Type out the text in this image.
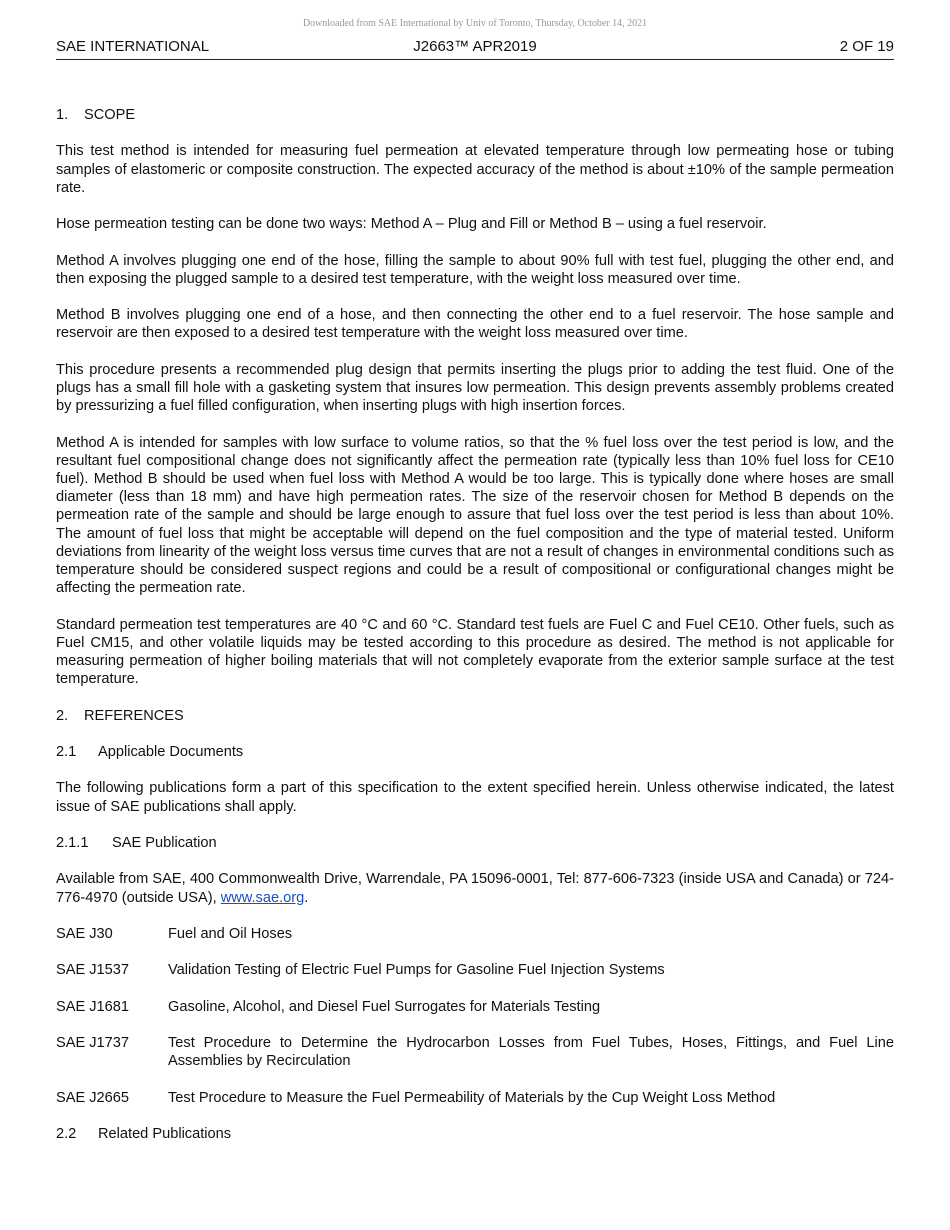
Downloaded from SAE International by Univ of Toronto, Thursday, October 14, 2021
SAE INTERNATIONAL	J2663™ APR2019	2 OF 19

1. SCOPE

This test method is intended for measuring fuel permeation at elevated temperature through low permeating hose or tubing samples of elastomeric or composite construction. The expected accuracy of the method is about ±10% of the sample permeation rate.

Hose permeation testing can be done two ways: Method A – Plug and Fill or Method B – using a fuel reservoir.

Method A involves plugging one end of the hose, filling the sample to about 90% full with test fuel, plugging the other end, and then exposing the plugged sample to a desired test temperature, with the weight loss measured over time.

Method B involves plugging one end of a hose, and then connecting the other end to a fuel reservoir. The hose sample and reservoir are then exposed to a desired test temperature with the weight loss measured over time.

This procedure presents a recommended plug design that permits inserting the plugs prior to adding the test fluid. One of the plugs has a small fill hole with a gasketing system that insures low permeation. This design prevents assembly problems created by pressurizing a fuel filled configuration, when inserting plugs with high insertion forces.

Method A is intended for samples with low surface to volume ratios, so that the % fuel loss over the test period is low, and the resultant fuel compositional change does not significantly affect the permeation rate (typically less than 10% fuel loss for CE10 fuel). Method B should be used when fuel loss with Method A would be too large. This is typically done where hoses are small diameter (less than 18 mm) and have high permeation rates. The size of the reservoir chosen for Method B depends on the permeation rate of the sample and should be large enough to assure that fuel loss over the test period is less than about 10%. The amount of fuel loss that might be acceptable will depend on the fuel composition and the type of material tested. Uniform deviations from linearity of the weight loss versus time curves that are not a result of changes in environmental conditions such as temperature should be considered suspect regions and could be a result of compositional or configurational changes might be affecting the permeation rate.

Standard permeation test temperatures are 40 °C and 60 °C. Standard test fuels are Fuel C and Fuel CE10. Other fuels, such as Fuel CM15, and other volatile liquids may be tested according to this procedure as desired. The method is not applicable for measuring permeation of higher boiling materials that will not completely evaporate from the exterior sample surface at the test temperature.

2. REFERENCES

2.1 Applicable Documents

The following publications form a part of this specification to the extent specified herein. Unless otherwise indicated, the latest issue of SAE publications shall apply.

2.1.1 SAE Publication

Available from SAE, 400 Commonwealth Drive, Warrendale, PA 15096-0001, Tel: 877-606-7323 (inside USA and Canada) or 724-776-4970 (outside USA), www.sae.org.

SAE J30	Fuel and Oil Hoses
SAE J1537	Validation Testing of Electric Fuel Pumps for Gasoline Fuel Injection Systems
SAE J1681	Gasoline, Alcohol, and Diesel Fuel Surrogates for Materials Testing
SAE J1737	Test Procedure to Determine the Hydrocarbon Losses from Fuel Tubes, Hoses, Fittings, and Fuel Line Assemblies by Recirculation
SAE J2665	Test Procedure to Measure the Fuel Permeability of Materials by the Cup Weight Loss Method

2.2 Related Publications
